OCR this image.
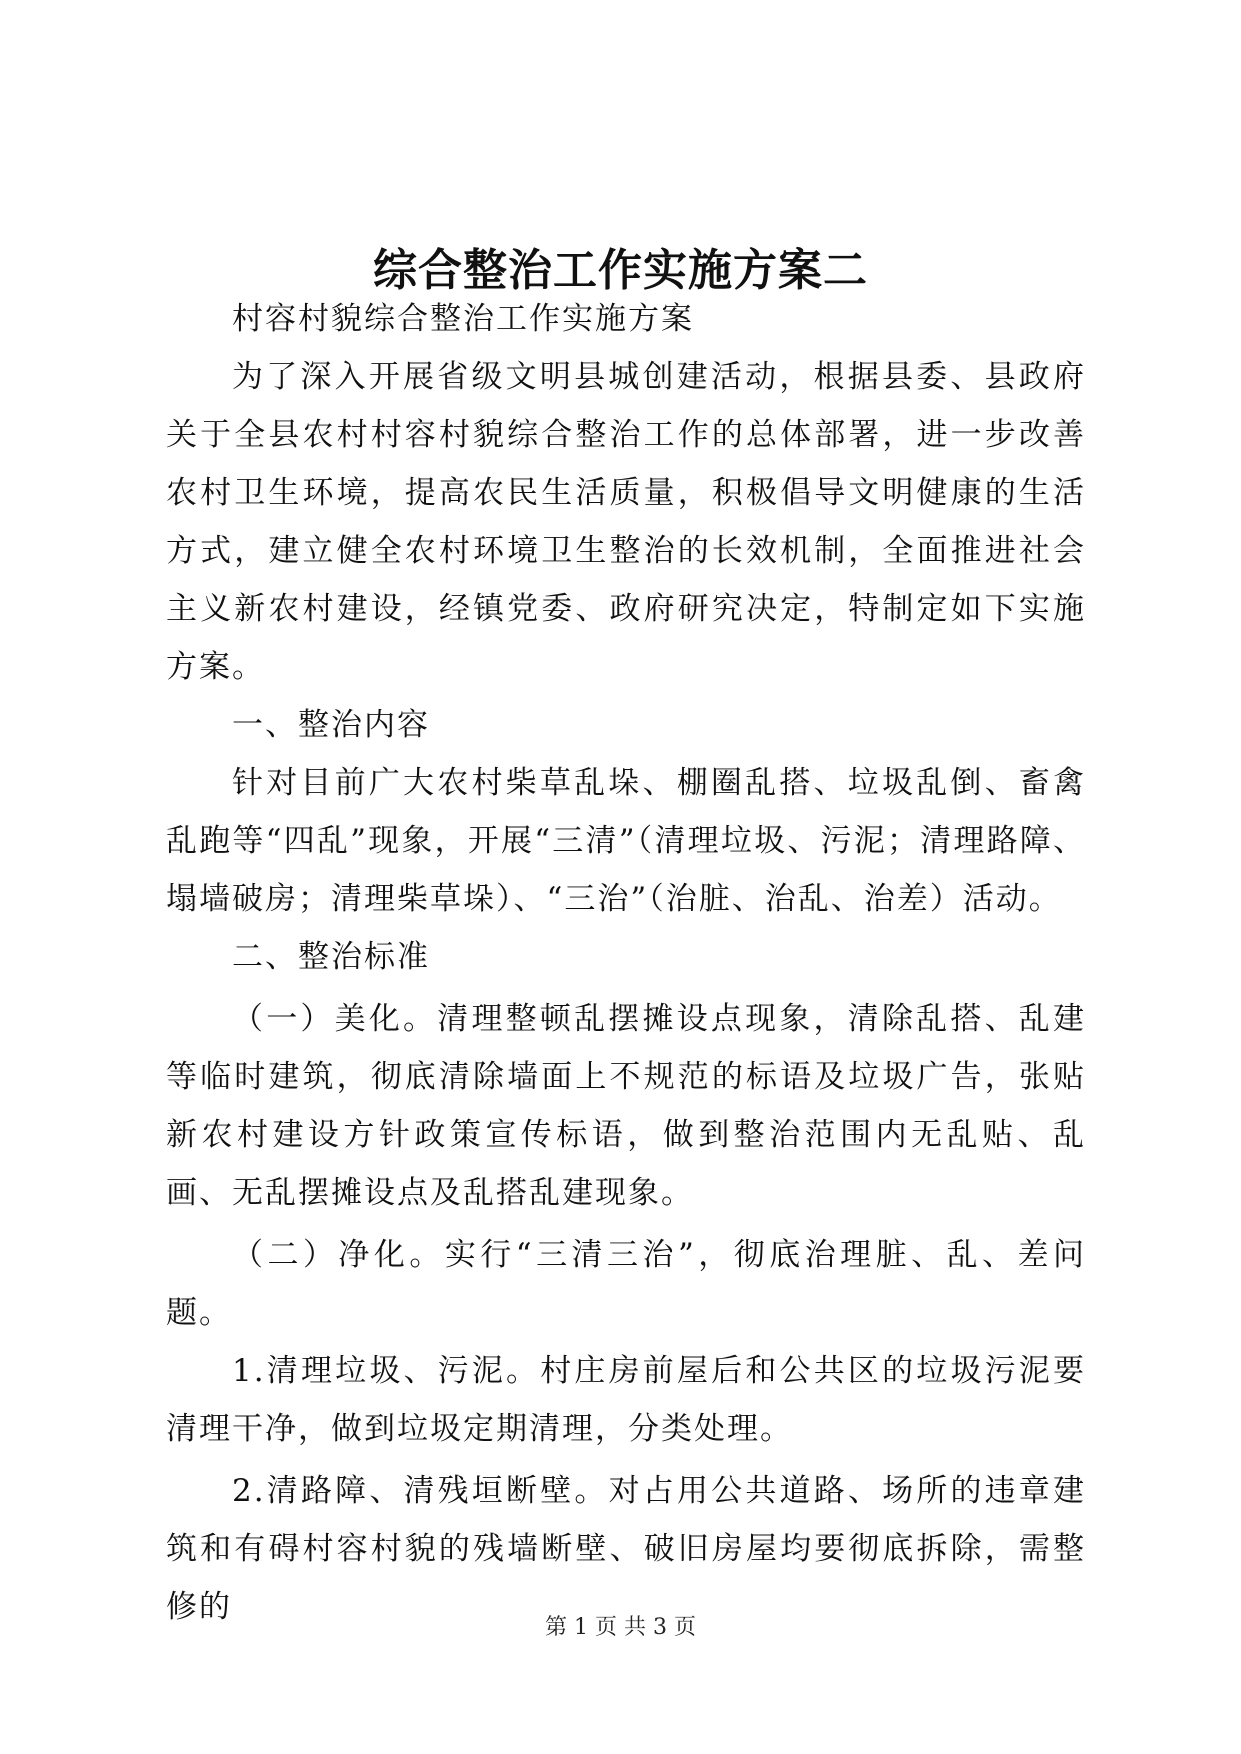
综合整治工作实施方案二

村容村貌综合整治工作实施方案

为了深入开展省级文明县城创建活动，根据县委、县政府关于全县农村村容村貌综合整治工作的总体部署，进一步改善农村卫生环境，提高农民生活质量，积极倡导文明健康的生活方式，建立健全农村环境卫生整治的长效机制，全面推进社会主义新农村建设，经镇党委、政府研究决定，特制定如下实施方案。

一、整治内容

针对目前广大农村柴草乱垛、棚圈乱搭、垃圾乱倒、畜禽乱跑等“四乱”现象，开展“三清”（清理垃圾、污泥；清理路障、塌墙破房；清理柴草垛）、“三治”（治脏、治乱、治差）活动。

二、整治标准

（一）美化。清理整顿乱摆摊设点现象，清除乱搭、乱建等临时建筑，彻底清除墙面上不规范的标语及垃圾广告，张贴新农村建设方针政策宣传标语，做到整治范围内无乱贴、乱画、无乱摆摊设点及乱搭乱建现象。

（二）净化。实行“三清三治”，彻底治理脏、乱、差问题。

1.清理垃圾、污泥。村庄房前屋后和公共区的垃圾污泥要清理干净，做到垃圾定期清理，分类处理。

2.清路障、清残垣断壁。对占用公共道路、场所的违章建筑和有碍村容村貌的残墙断壁、破旧房屋均要彻底拆除，需整修的

第 1 页 共 3 页
